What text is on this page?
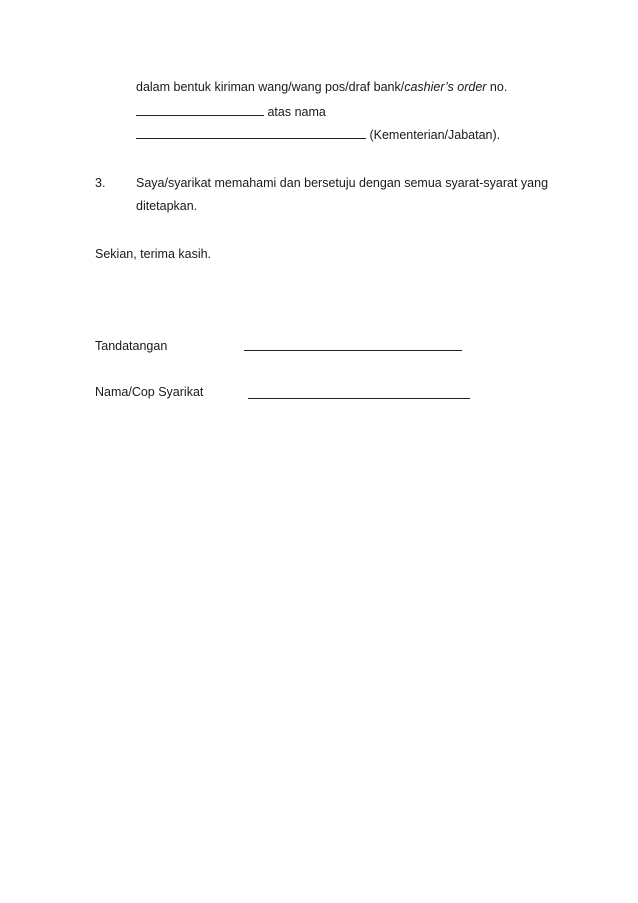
dalam bentuk kiriman wang/wang pos/draf bank/cashier’s order no.
atas nama
(Kementerian/Jabatan).
3. Saya/syarikat memahami dan bersetuju dengan semua syarat-syarat yang
ditetapkan.
Sekian, terima kasih.
Tandatangan
Nama/Cop Syarikat
